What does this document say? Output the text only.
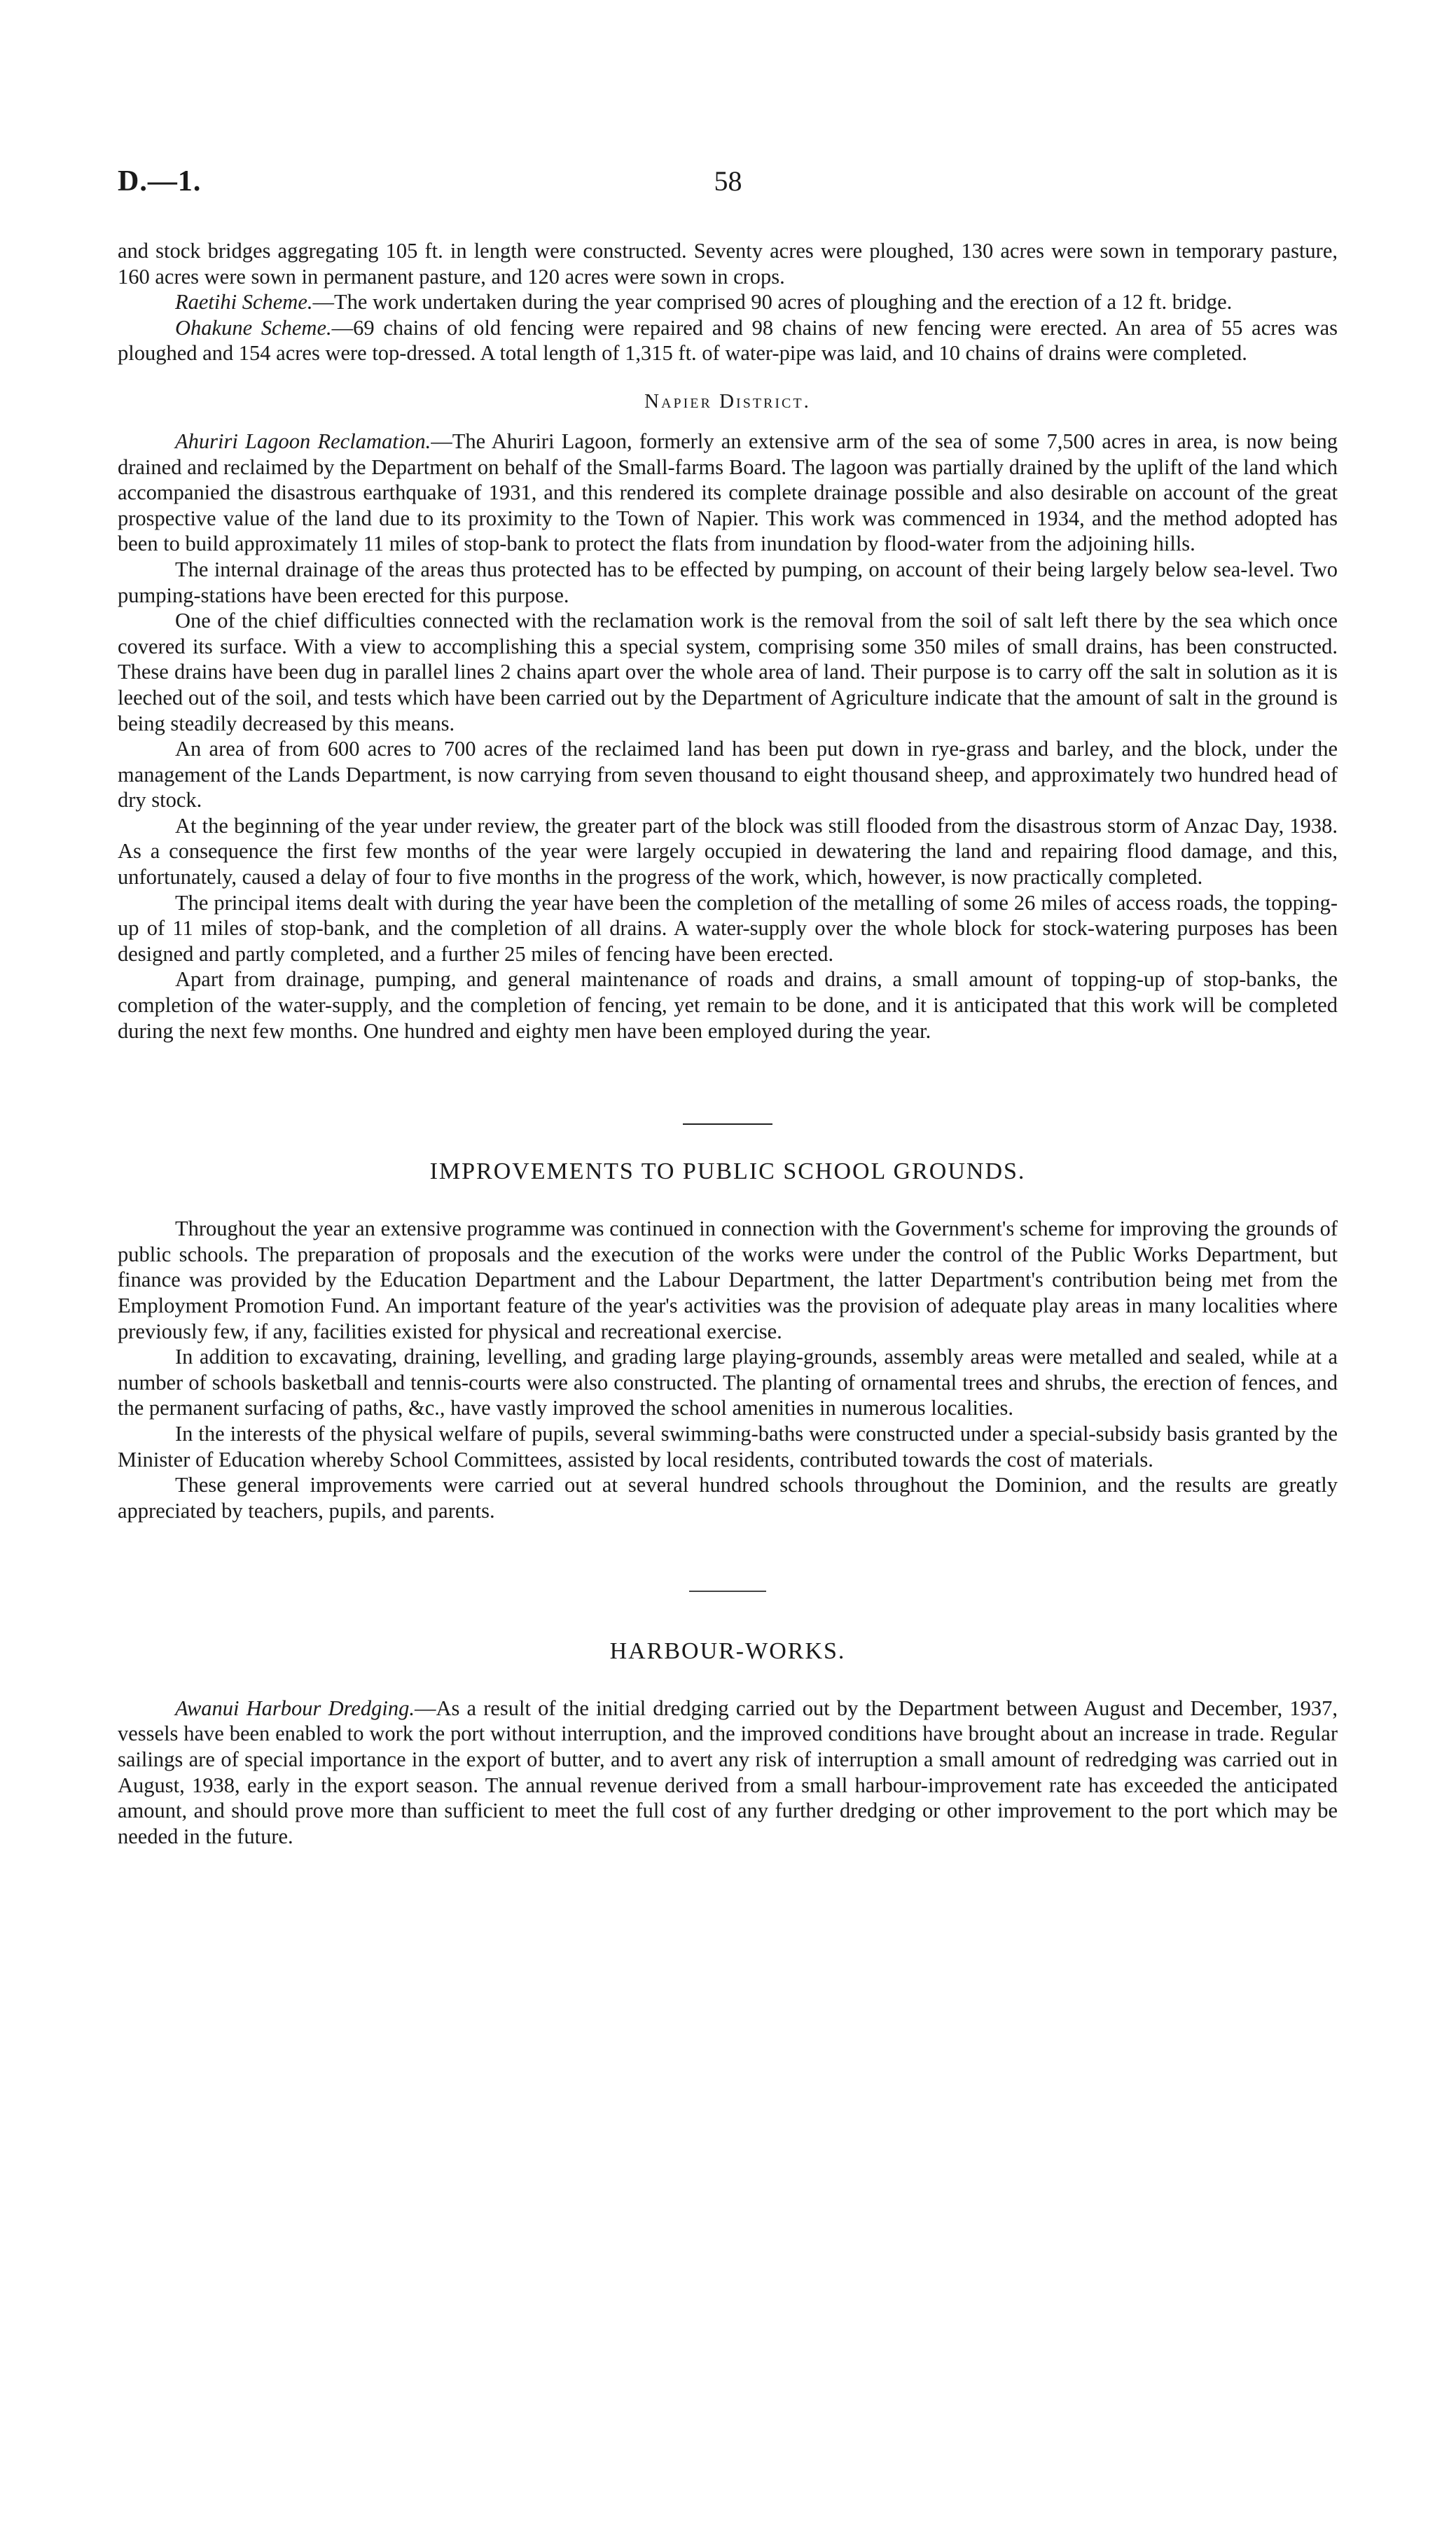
58
D.—1.

and stock bridges aggregating 105 ft. in length were constructed. Seventy acres were ploughed, 130 acres were sown in temporary pasture, 160 acres were sown in permanent pasture, and 120 acres were sown in crops.

Raetihi Scheme.—The work undertaken during the year comprised 90 acres of ploughing and the erection of a 12 ft. bridge.

Ohakune Scheme.—69 chains of old fencing were repaired and 98 chains of new fencing were erected. An area of 55 acres was ploughed and 154 acres were top-dressed. A total length of 1,315 ft. of water-pipe was laid, and 10 chains of drains were completed.

Napier District.

Ahuriri Lagoon Reclamation.—The Ahuriri Lagoon, formerly an extensive arm of the sea of some 7,500 acres in area, is now being drained and reclaimed by the Department on behalf of the Small-farms Board. The lagoon was partially drained by the uplift of the land which accompanied the disastrous earthquake of 1931, and this rendered its complete drainage possible and also desirable on account of the great prospective value of the land due to its proximity to the Town of Napier. This work was commenced in 1934, and the method adopted has been to build approximately 11 miles of stop-bank to protect the flats from inundation by flood-water from the adjoining hills.

The internal drainage of the areas thus protected has to be effected by pumping, on account of their being largely below sea-level. Two pumping-stations have been erected for this purpose.

One of the chief difficulties connected with the reclamation work is the removal from the soil of salt left there by the sea which once covered its surface. With a view to accomplishing this a special system, comprising some 350 miles of small drains, has been constructed. These drains have been dug in parallel lines 2 chains apart over the whole area of land. Their purpose is to carry off the salt in solution as it is leeched out of the soil, and tests which have been carried out by the Department of Agriculture indicate that the amount of salt in the ground is being steadily decreased by this means.

An area of from 600 acres to 700 acres of the reclaimed land has been put down in rye-grass and barley, and the block, under the management of the Lands Department, is now carrying from seven thousand to eight thousand sheep, and approximately two hundred head of dry stock.

At the beginning of the year under review, the greater part of the block was still flooded from the disastrous storm of Anzac Day, 1938. As a consequence the first few months of the year were largely occupied in dewatering the land and repairing flood damage, and this, unfortunately, caused a delay of four to five months in the progress of the work, which, however, is now practically completed.

The principal items dealt with during the year have been the completion of the metalling of some 26 miles of access roads, the topping-up of 11 miles of stop-bank, and the completion of all drains. A water-supply over the whole block for stock-watering purposes has been designed and partly completed, and a further 25 miles of fencing have been erected.

Apart from drainage, pumping, and general maintenance of roads and drains, a small amount of topping-up of stop-banks, the completion of the water-supply, and the completion of fencing, yet remain to be done, and it is anticipated that this work will be completed during the next few months. One hundred and eighty men have been employed during the year.

IMPROVEMENTS TO PUBLIC SCHOOL GROUNDS.

Throughout the year an extensive programme was continued in connection with the Government's scheme for improving the grounds of public schools. The preparation of proposals and the execution of the works were under the control of the Public Works Department, but finance was provided by the Education Department and the Labour Department, the latter Department's contribution being met from the Employment Promotion Fund. An important feature of the year's activities was the provision of adequate play areas in many localities where previously few, if any, facilities existed for physical and recreational exercise.

In addition to excavating, draining, levelling, and grading large playing-grounds, assembly areas were metalled and sealed, while at a number of schools basketball and tennis-courts were also constructed. The planting of ornamental trees and shrubs, the erection of fences, and the permanent surfacing of paths, &c., have vastly improved the school amenities in numerous localities.

In the interests of the physical welfare of pupils, several swimming-baths were constructed under a special-subsidy basis granted by the Minister of Education whereby School Committees, assisted by local residents, contributed towards the cost of materials.

These general improvements were carried out at several hundred schools throughout the Dominion, and the results are greatly appreciated by teachers, pupils, and parents.

HARBOUR-WORKS.

Awanui Harbour Dredging.—As a result of the initial dredging carried out by the Department between August and December, 1937, vessels have been enabled to work the port without interruption, and the improved conditions have brought about an increase in trade. Regular sailings are of special importance in the export of butter, and to avert any risk of interruption a small amount of redredging was carried out in August, 1938, early in the export season. The annual revenue derived from a small harbour-improvement rate has exceeded the anticipated amount, and should prove more than sufficient to meet the full cost of any further dredging or other improvement to the port which may be needed in the future.
